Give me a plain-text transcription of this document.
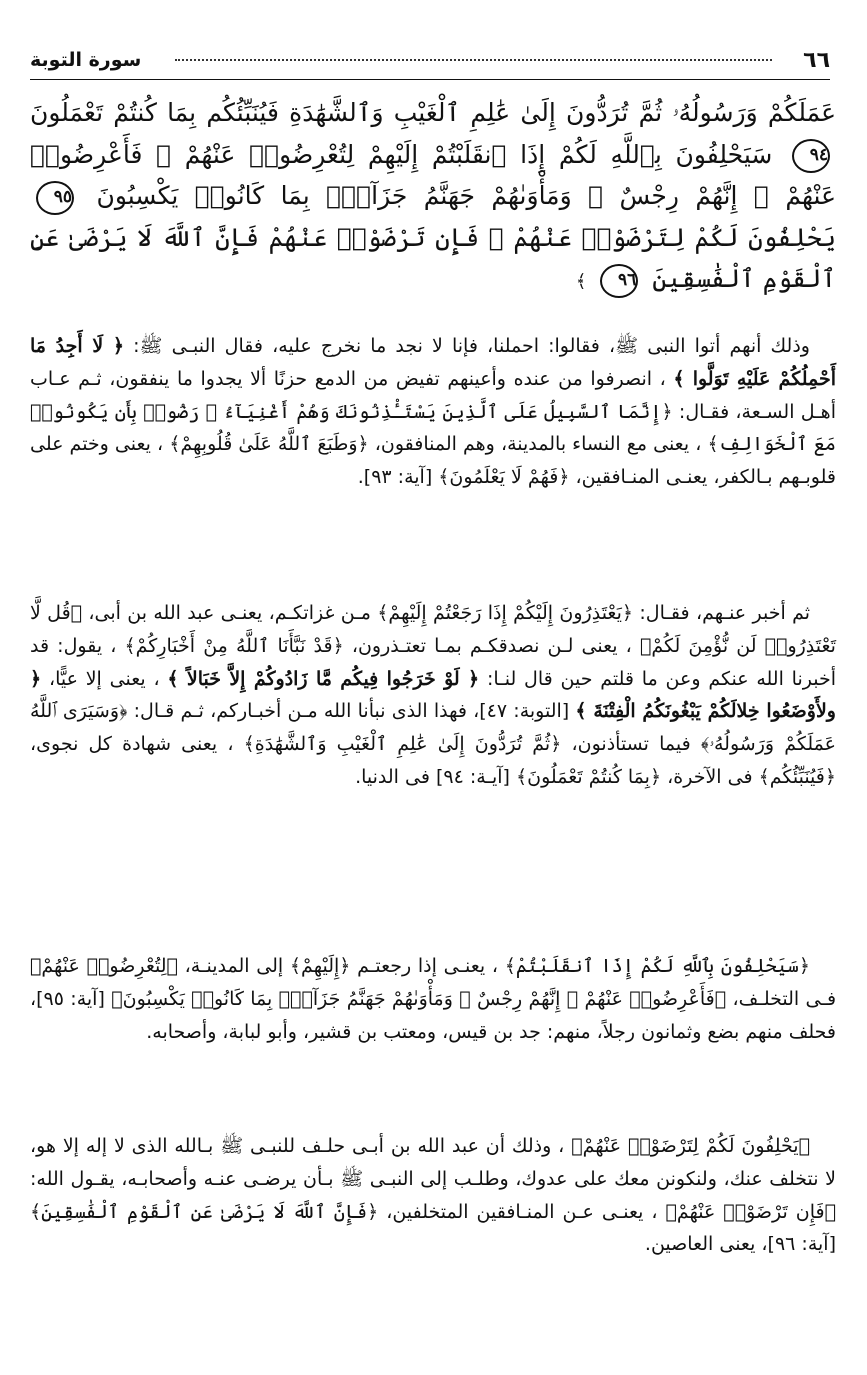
٦٦
سورة التوبة
عَمَلَكُمْ وَرَسُولُهُۥ ثُمَّ تُرَدُّونَ إِلَىٰ عَٰلِمِ ٱلْغَيْبِ وَٱلشَّهَٰدَةِ فَيُنَبِّئُكُم بِمَا كُنتُمْ تَعْمَلُونَ ٩٤ سَيَحْلِفُونَ بِٱللَّهِ لَكُمْ إِذَا ٱنقَلَبْتُمْ إِلَيْهِمْ لِتُعْرِضُوا۟ عَنْهُمْ ۖ فَأَعْرِضُوا۟ عَنْهُمْ ۖ إِنَّهُمْ رِجْسٌ ۖ وَمَأْوَىٰهُمْ جَهَنَّمُ جَزَآءًۢ بِمَا كَانُوا۟ يَكْسِبُونَ ٩٥ يَحْلِفُونَ لَكُمْ لِتَرْضَوْا۟ عَنْهُمْ ۖ فَإِن تَرْضَوْا۟ عَنْهُمْ فَإِنَّ ٱللَّهَ لَا يَرْضَىٰ عَنِ ٱلْقَوْمِ ٱلْفَٰسِقِينَ ٩٦ ﴾

وذلك أنهم أتوا النبى ﷺ، فقالوا: احملنا، فإنا لا نجد ما نخرج عليه، فقال النبـى ﷺ: ﴿ لَا أَجِدُ مَا أَحْمِلُكُمْ عَلَيْهِ تَوَلَّوا ﴾ ، انصرفوا من عنده وأعينهم تفيض من الدمع حزنًا ألا يجدوا ما ينفقون، ثـم عـاب أهـل السـعة، فقـال: ﴿إِنَّمَا ٱلسَّبِيلُ عَلَى ٱلَّذِينَ يَسْتَـْٔذِنُونَكَ وَهُمْ أَغْنِيَآءُ ۚ رَضُوا۟ بِأَن يَكُونُوا۟ مَعَ ٱلْخَوَالِفِ﴾ ، يعنى مع النساء بالمدينة، وهم المنافقون، ﴿وَطَبَعَ ٱللَّهُ عَلَىٰ قُلُوبِهِمْ﴾ ، يعنى وختم على قلوبـهم بـالكفر، يعنـى المنـافقين، ﴿فَهُمْ لَا يَعْلَمُونَ﴾ [آية: ٩٣].

ثم أخبر عنـهم، فقـال: ﴿يَعْتَذِرُونَ إِلَيْكُمْ إِذَا رَجَعْتُمْ إِلَيْهِمْ﴾ مـن غزاتكـم، يعنـى عبد الله بن أبى، ﴿قُل لَّا تَعْتَذِرُوا۟ لَن نُّؤْمِنَ لَكُمْ﴾ ، يعنى لـن نصدقكـم بمـا تعتـذرون، ﴿قَدْ نَبَّأَنَا ٱللَّهُ مِنْ أَخْبَارِكُمْ﴾ ، يقول: قد أخبرنا الله عنكم وعن ما قلتم حين قال لنـا: ﴿ لَوْ خَرَجُوا فِيكُم مَّا زَادُوكُمْ إِلاَّ خَبَالاً ﴾ ، يعنى إلا عيًّا، ﴿ ولأَوْضَعُوا خِلالَكُمْ يَبْغُونَكُمُ الْفِتْنَةَ ﴾ [التوبة: ٤٧]، فهذا الذى نبأنا الله مـن أخبـاركم، ثـم قـال: ﴿وَسَيَرَى ٱللَّهُ عَمَلَكُمْ وَرَسُولُهُۥ﴾ فيما تستأذنون، ﴿ثُمَّ تُرَدُّونَ إِلَىٰ عَٰلِمِ ٱلْغَيْبِ وَٱلشَّهَٰدَةِ﴾ ، يعنى شهادة كل نجوى، ﴿فَيُنَبِّئُكُم﴾ فى الآخرة، ﴿بِمَا كُنتُمْ تَعْمَلُونَ﴾ [آيـة: ٩٤] فى الدنيا.

﴿سَيَحْلِفُونَ بِٱللَّهِ لَكُمْ إِذَا ٱنقَلَبْتُمْ﴾ ، يعنـى إذا رجعتـم ﴿إِلَيْهِمْ﴾ إلى المدينـة، ﴿لِتُعْرِضُوا۟ عَنْهُمْ﴾ فـى التخلـف، ﴿فَأَعْرِضُوا۟ عَنْهُمْ ۖ إِنَّهُمْ رِجْسٌ ۖ وَمَأْوَىٰهُمْ جَهَنَّمُ جَزَآءًۢ بِمَا كَانُوا۟ يَكْسِبُونَ﴾ [آية: ٩٥]، فحلف منهم بضع وثمانون رجلاً، منهم: جد بن قيس، ومعتب بن قشير، وأبو لبابة، وأصحابه.

﴿يَحْلِفُونَ لَكُمْ لِتَرْضَوْا۟ عَنْهُمْ﴾ ، وذلك أن عبد الله بن أبـى حلـف للنبـى ﷺ بـالله الذى لا إله إلا هو، لا نتخلف عنك، ولنكونن معك على عدوك، وطلـب إلى النبـى ﷺ بـأن يرضـى عنـه وأصحابـه، يقـول الله: ﴿فَإِن تَرْضَوْا۟ عَنْهُمْ﴾ ، يعنـى عـن المنـافقين المتخلفين، ﴿فَإِنَّ ٱللَّهَ لَا يَرْضَىٰ عَنِ ٱلْقَوْمِ ٱلْفَٰسِقِينَ﴾ [آية: ٩٦]، يعنى العاصين.
